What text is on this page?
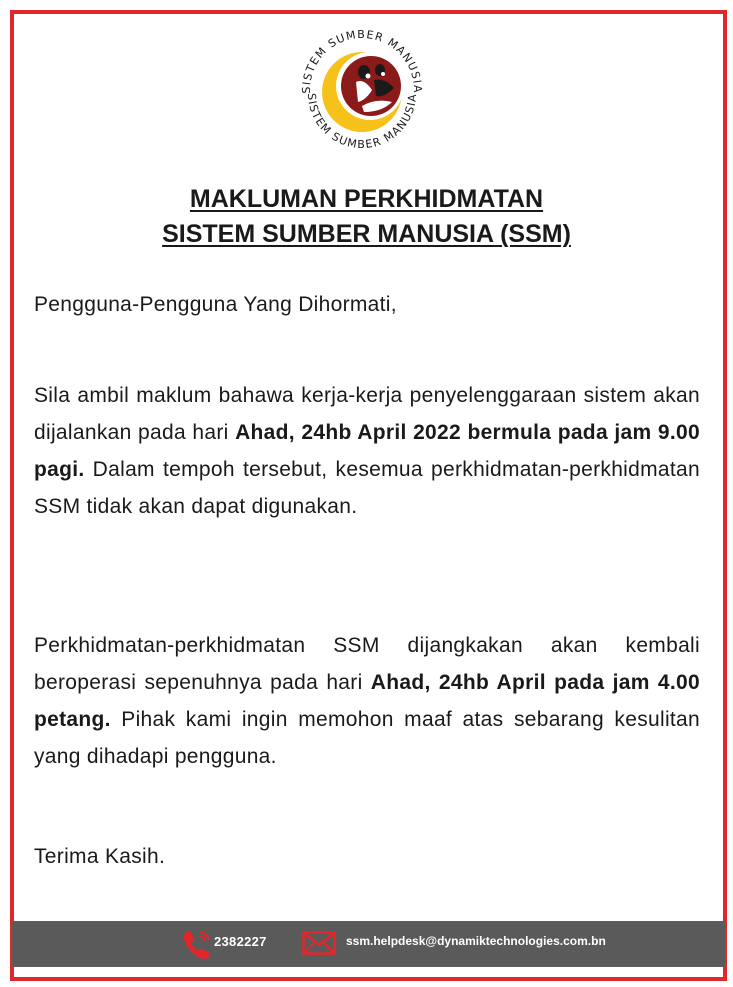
SISTEM SUMBER MANUSIA
SISTEM SUMBER MANUSIA
MAKLUMAN PERKHIDMATAN
SISTEM SUMBER MANUSIA (SSM)
Pengguna-Pengguna Yang Dihormati,
Sila ambil maklum bahawa kerja-kerja penyelenggaraan sistem akan dijalankan pada hari Ahad, 24hb April 2022 bermula pada jam 9.00 pagi. Dalam tempoh tersebut, kesemua perkhidmatan-perkhidmatan SSM tidak akan dapat digunakan.
Perkhidmatan-perkhidmatan SSM dijangkakan akan kembali beroperasi sepenuhnya pada hari Ahad, 24hb April pada jam 4.00 petang. Pihak kami ingin memohon maaf atas sebarang kesulitan yang dihadapi pengguna.
Terima Kasih.
2382227	ssm.helpdesk@dynamiktechnologies.com.bn
